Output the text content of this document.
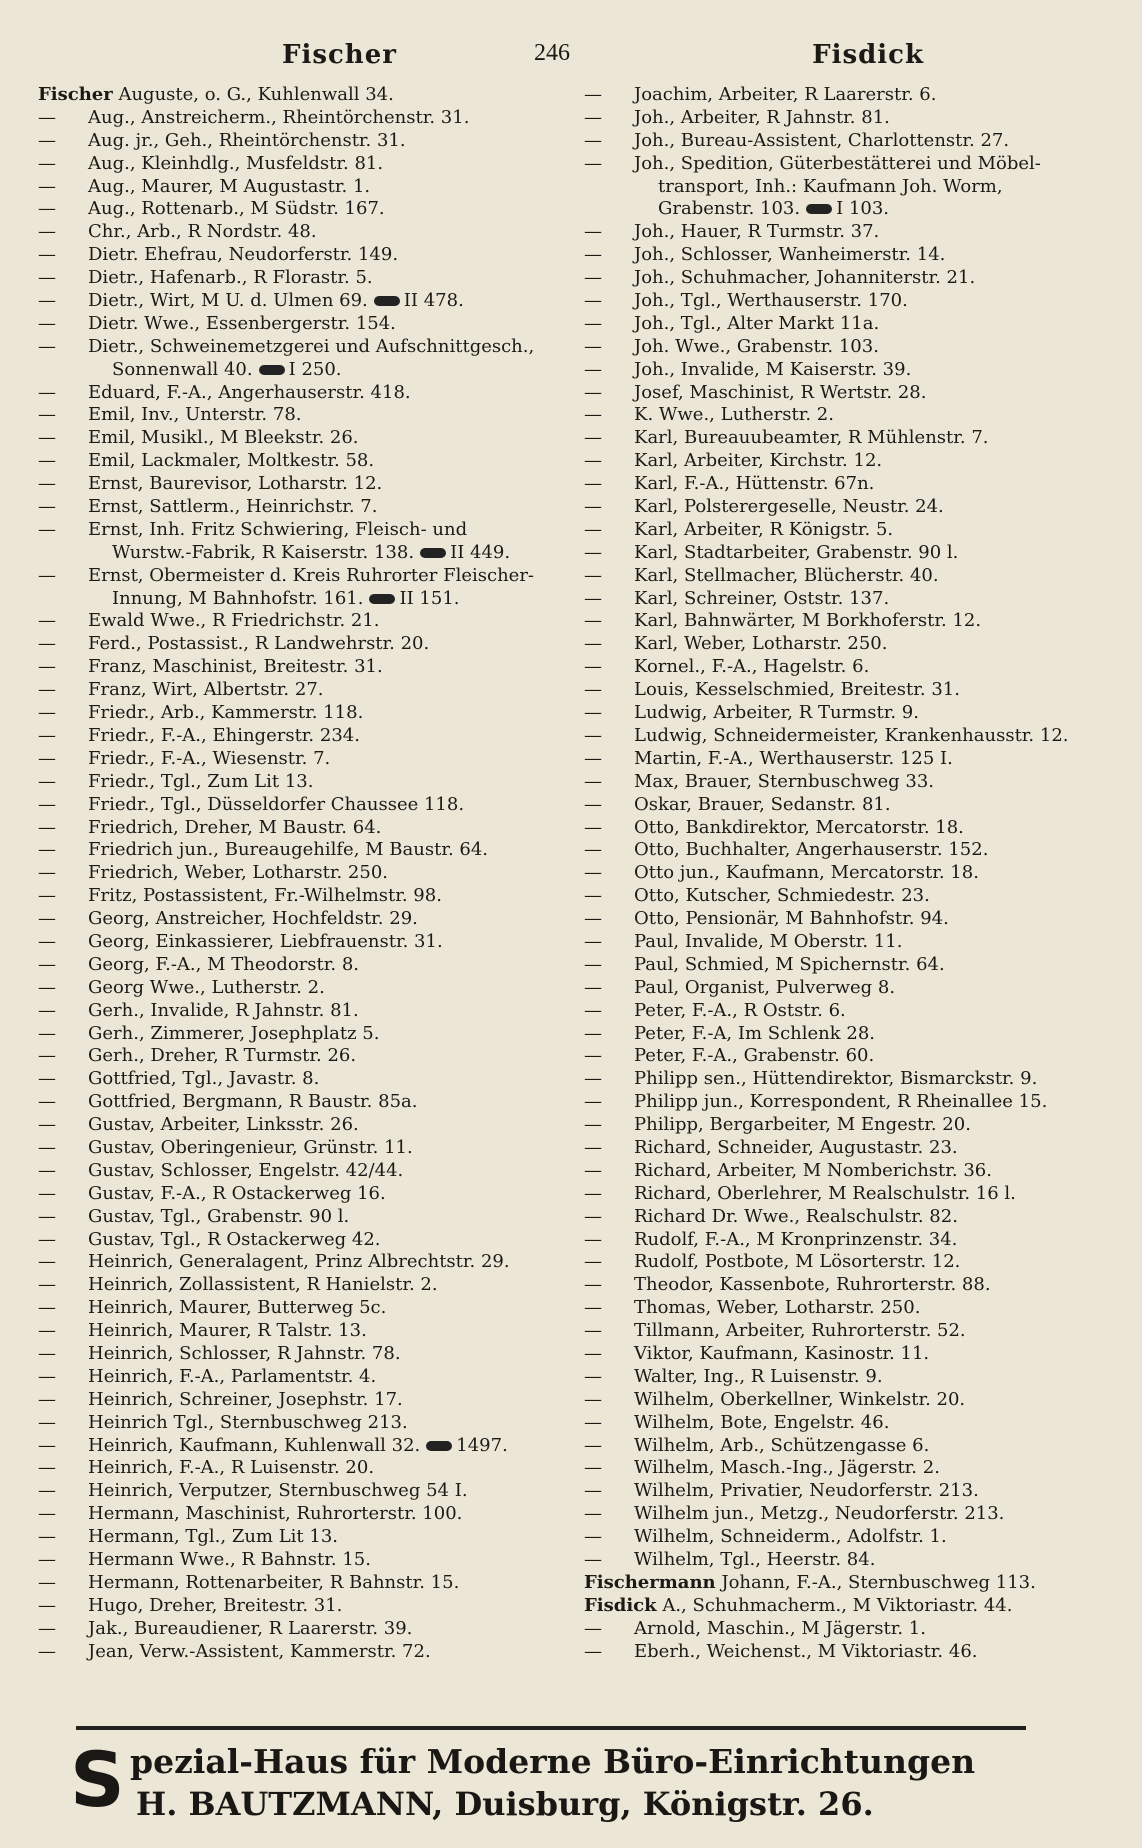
Fischer	246	Fisdick
Fischer Auguste, o. G., Kuhlenwall 34.
— Aug., Anstreicherm., Rheintörchenstr. 31.
— Aug. jr., Geh., Rheintörchenstr. 31.
— Aug., Kleinhdlg., Musfeldstr. 81.
— Aug., Maurer, M Augustastr. 1.
— Aug., Rottenarb., M Südstr. 167.
— Chr., Arb., R Nordstr. 48.
— Dietr. Ehefrau, Neudorferstr. 149.
— Dietr., Hafenarb., R Florastr. 5.
— Dietr., Wirt, M U. d. Ulmen 69. II 478.
— Dietr. Wwe., Essenbergerstr. 154.
— Dietr., Schweinemetzgerei und Aufschnittgesch.,
Sonnenwall 40. I 250.
— Eduard, F.-A., Angerhauserstr. 418.
— Emil, Inv., Unterstr. 78.
— Emil, Musikl., M Bleekstr. 26.
— Emil, Lackmaler, Moltkestr. 58.
— Ernst, Baurevisor, Lotharstr. 12.
— Ernst, Sattlerm., Heinrichstr. 7.
— Ernst, Inh. Fritz Schwiering, Fleisch- und
Wurstw.-Fabrik, R Kaiserstr. 138. II 449.
— Ernst, Obermeister d. Kreis Ruhrorter Fleischer-
Innung, M Bahnhofstr. 161. II 151.
— Ewald Wwe., R Friedrichstr. 21.
— Ferd., Postassist., R Landwehrstr. 20.
— Franz, Maschinist, Breitestr. 31.
— Franz, Wirt, Albertstr. 27.
— Friedr., Arb., Kammerstr. 118.
— Friedr., F.-A., Ehingerstr. 234.
— Friedr., F.-A., Wiesenstr. 7.
— Friedr., Tgl., Zum Lit 13.
— Friedr., Tgl., Düsseldorfer Chaussee 118.
— Friedrich, Dreher, M Baustr. 64.
— Friedrich jun., Bureaugehilfe, M Baustr. 64.
— Friedrich, Weber, Lotharstr. 250.
— Fritz, Postassistent, Fr.-Wilhelmstr. 98.
— Georg, Anstreicher, Hochfeldstr. 29.
— Georg, Einkassierer, Liebfrauenstr. 31.
— Georg, F.-A., M Theodorstr. 8.
— Georg Wwe., Lutherstr. 2.
— Gerh., Invalide, R Jahnstr. 81.
— Gerh., Zimmerer, Josephplatz 5.
— Gerh., Dreher, R Turmstr. 26.
— Gottfried, Tgl., Javastr. 8.
— Gottfried, Bergmann, R Baustr. 85a.
— Gustav, Arbeiter, Linksstr. 26.
— Gustav, Oberingenieur, Grünstr. 11.
— Gustav, Schlosser, Engelstr. 42/44.
— Gustav, F.-A., R Ostackerweg 16.
— Gustav, Tgl., Grabenstr. 90 l.
— Gustav, Tgl., R Ostackerweg 42.
— Heinrich, Generalagent, Prinz Albrechtstr. 29.
— Heinrich, Zollassistent, R Hanielstr. 2.
— Heinrich, Maurer, Butterweg 5c.
— Heinrich, Maurer, R Talstr. 13.
— Heinrich, Schlosser, R Jahnstr. 78.
— Heinrich, F.-A., Parlamentstr. 4.
— Heinrich, Schreiner, Josephstr. 17.
— Heinrich Tgl., Sternbuschweg 213.
— Heinrich, Kaufmann, Kuhlenwall 32. 1497.
— Heinrich, F.-A., R Luisenstr. 20.
— Heinrich, Verputzer, Sternbuschweg 54 I.
— Hermann, Maschinist, Ruhrorterstr. 100.
— Hermann, Tgl., Zum Lit 13.
— Hermann Wwe., R Bahnstr. 15.
— Hermann, Rottenarbeiter, R Bahnstr. 15.
— Hugo, Dreher, Breitestr. 31.
— Jak., Bureaudiener, R Laarerstr. 39.
— Jean, Verw.-Assistent, Kammerstr. 72.
— Joachim, Arbeiter, R Laarerstr. 6.
— Joh., Arbeiter, R Jahnstr. 81.
— Joh., Bureau-Assistent, Charlottenstr. 27.
— Joh., Spedition, Güterbestätterei und Möbel-
transport, Inh.: Kaufmann Joh. Worm,
Grabenstr. 103. I 103.
— Joh., Hauer, R Turmstr. 37.
— Joh., Schlosser, Wanheimerstr. 14.
— Joh., Schuhmacher, Johanniterstr. 21.
— Joh., Tgl., Werthauserstr. 170.
— Joh., Tgl., Alter Markt 11a.
— Joh. Wwe., Grabenstr. 103.
— Joh., Invalide, M Kaiserstr. 39.
— Josef, Maschinist, R Wertstr. 28.
— K. Wwe., Lutherstr. 2.
— Karl, Bureauubeamter, R Mühlenstr. 7.
— Karl, Arbeiter, Kirchstr. 12.
— Karl, F.-A., Hüttenstr. 67n.
— Karl, Polsterergeselle, Neustr. 24.
— Karl, Arbeiter, R Königstr. 5.
— Karl, Stadtarbeiter, Grabenstr. 90 l.
— Karl, Stellmacher, Blücherstr. 40.
— Karl, Schreiner, Oststr. 137.
— Karl, Bahnwärter, M Borkhoferstr. 12.
— Karl, Weber, Lotharstr. 250.
— Kornel., F.-A., Hagelstr. 6.
— Louis, Kesselschmied, Breitestr. 31.
— Ludwig, Arbeiter, R Turmstr. 9.
— Ludwig, Schneidermeister, Krankenhausstr. 12.
— Martin, F.-A., Werthauserstr. 125 I.
— Max, Brauer, Sternbuschweg 33.
— Oskar, Brauer, Sedanstr. 81.
— Otto, Bankdirektor, Mercatorstr. 18.
— Otto, Buchhalter, Angerhauserstr. 152.
— Otto jun., Kaufmann, Mercatorstr. 18.
— Otto, Kutscher, Schmiedestr. 23.
— Otto, Pensionär, M Bahnhofstr. 94.
— Paul, Invalide, M Oberstr. 11.
— Paul, Schmied, M Spichernstr. 64.
— Paul, Organist, Pulverweg 8.
— Peter, F.-A., R Oststr. 6.
— Peter, F.-A, Im Schlenk 28.
— Peter, F.-A., Grabenstr. 60.
— Philipp sen., Hüttendirektor, Bismarckstr. 9.
— Philipp jun., Korrespondent, R Rheinallee 15.
— Philipp, Bergarbeiter, M Engestr. 20.
— Richard, Schneider, Augustastr. 23.
— Richard, Arbeiter, M Nomberichstr. 36.
— Richard, Oberlehrer, M Realschulstr. 16 l.
— Richard Dr. Wwe., Realschulstr. 82.
— Rudolf, F.-A., M Kronprinzenstr. 34.
— Rudolf, Postbote, M Lösorterstr. 12.
— Theodor, Kassenbote, Ruhrorterstr. 88.
— Thomas, Weber, Lotharstr. 250.
— Tillmann, Arbeiter, Ruhrorterstr. 52.
— Viktor, Kaufmann, Kasinostr. 11.
— Walter, Ing., R Luisenstr. 9.
— Wilhelm, Oberkellner, Winkelstr. 20.
— Wilhelm, Bote, Engelstr. 46.
— Wilhelm, Arb., Schützengasse 6.
— Wilhelm, Masch.-Ing., Jägerstr. 2.
— Wilhelm, Privatier, Neudorferstr. 213.
— Wilhelm jun., Metzg., Neudorferstr. 213.
— Wilhelm, Schneiderm., Adolfstr. 1.
— Wilhelm, Tgl., Heerstr. 84.
Fischermann Johann, F.-A., Sternbuschweg 113.
Fisdick A., Schuhmacherm., M Viktoriastr. 44.
— Arnold, Maschin., M Jägerstr. 1.
— Eberh., Weichenst., M Viktoriastr. 46.
S pezial-Haus für Moderne Büro-Einrichtungen
H. BAUTZMANN, Duisburg, Königstr. 26.
